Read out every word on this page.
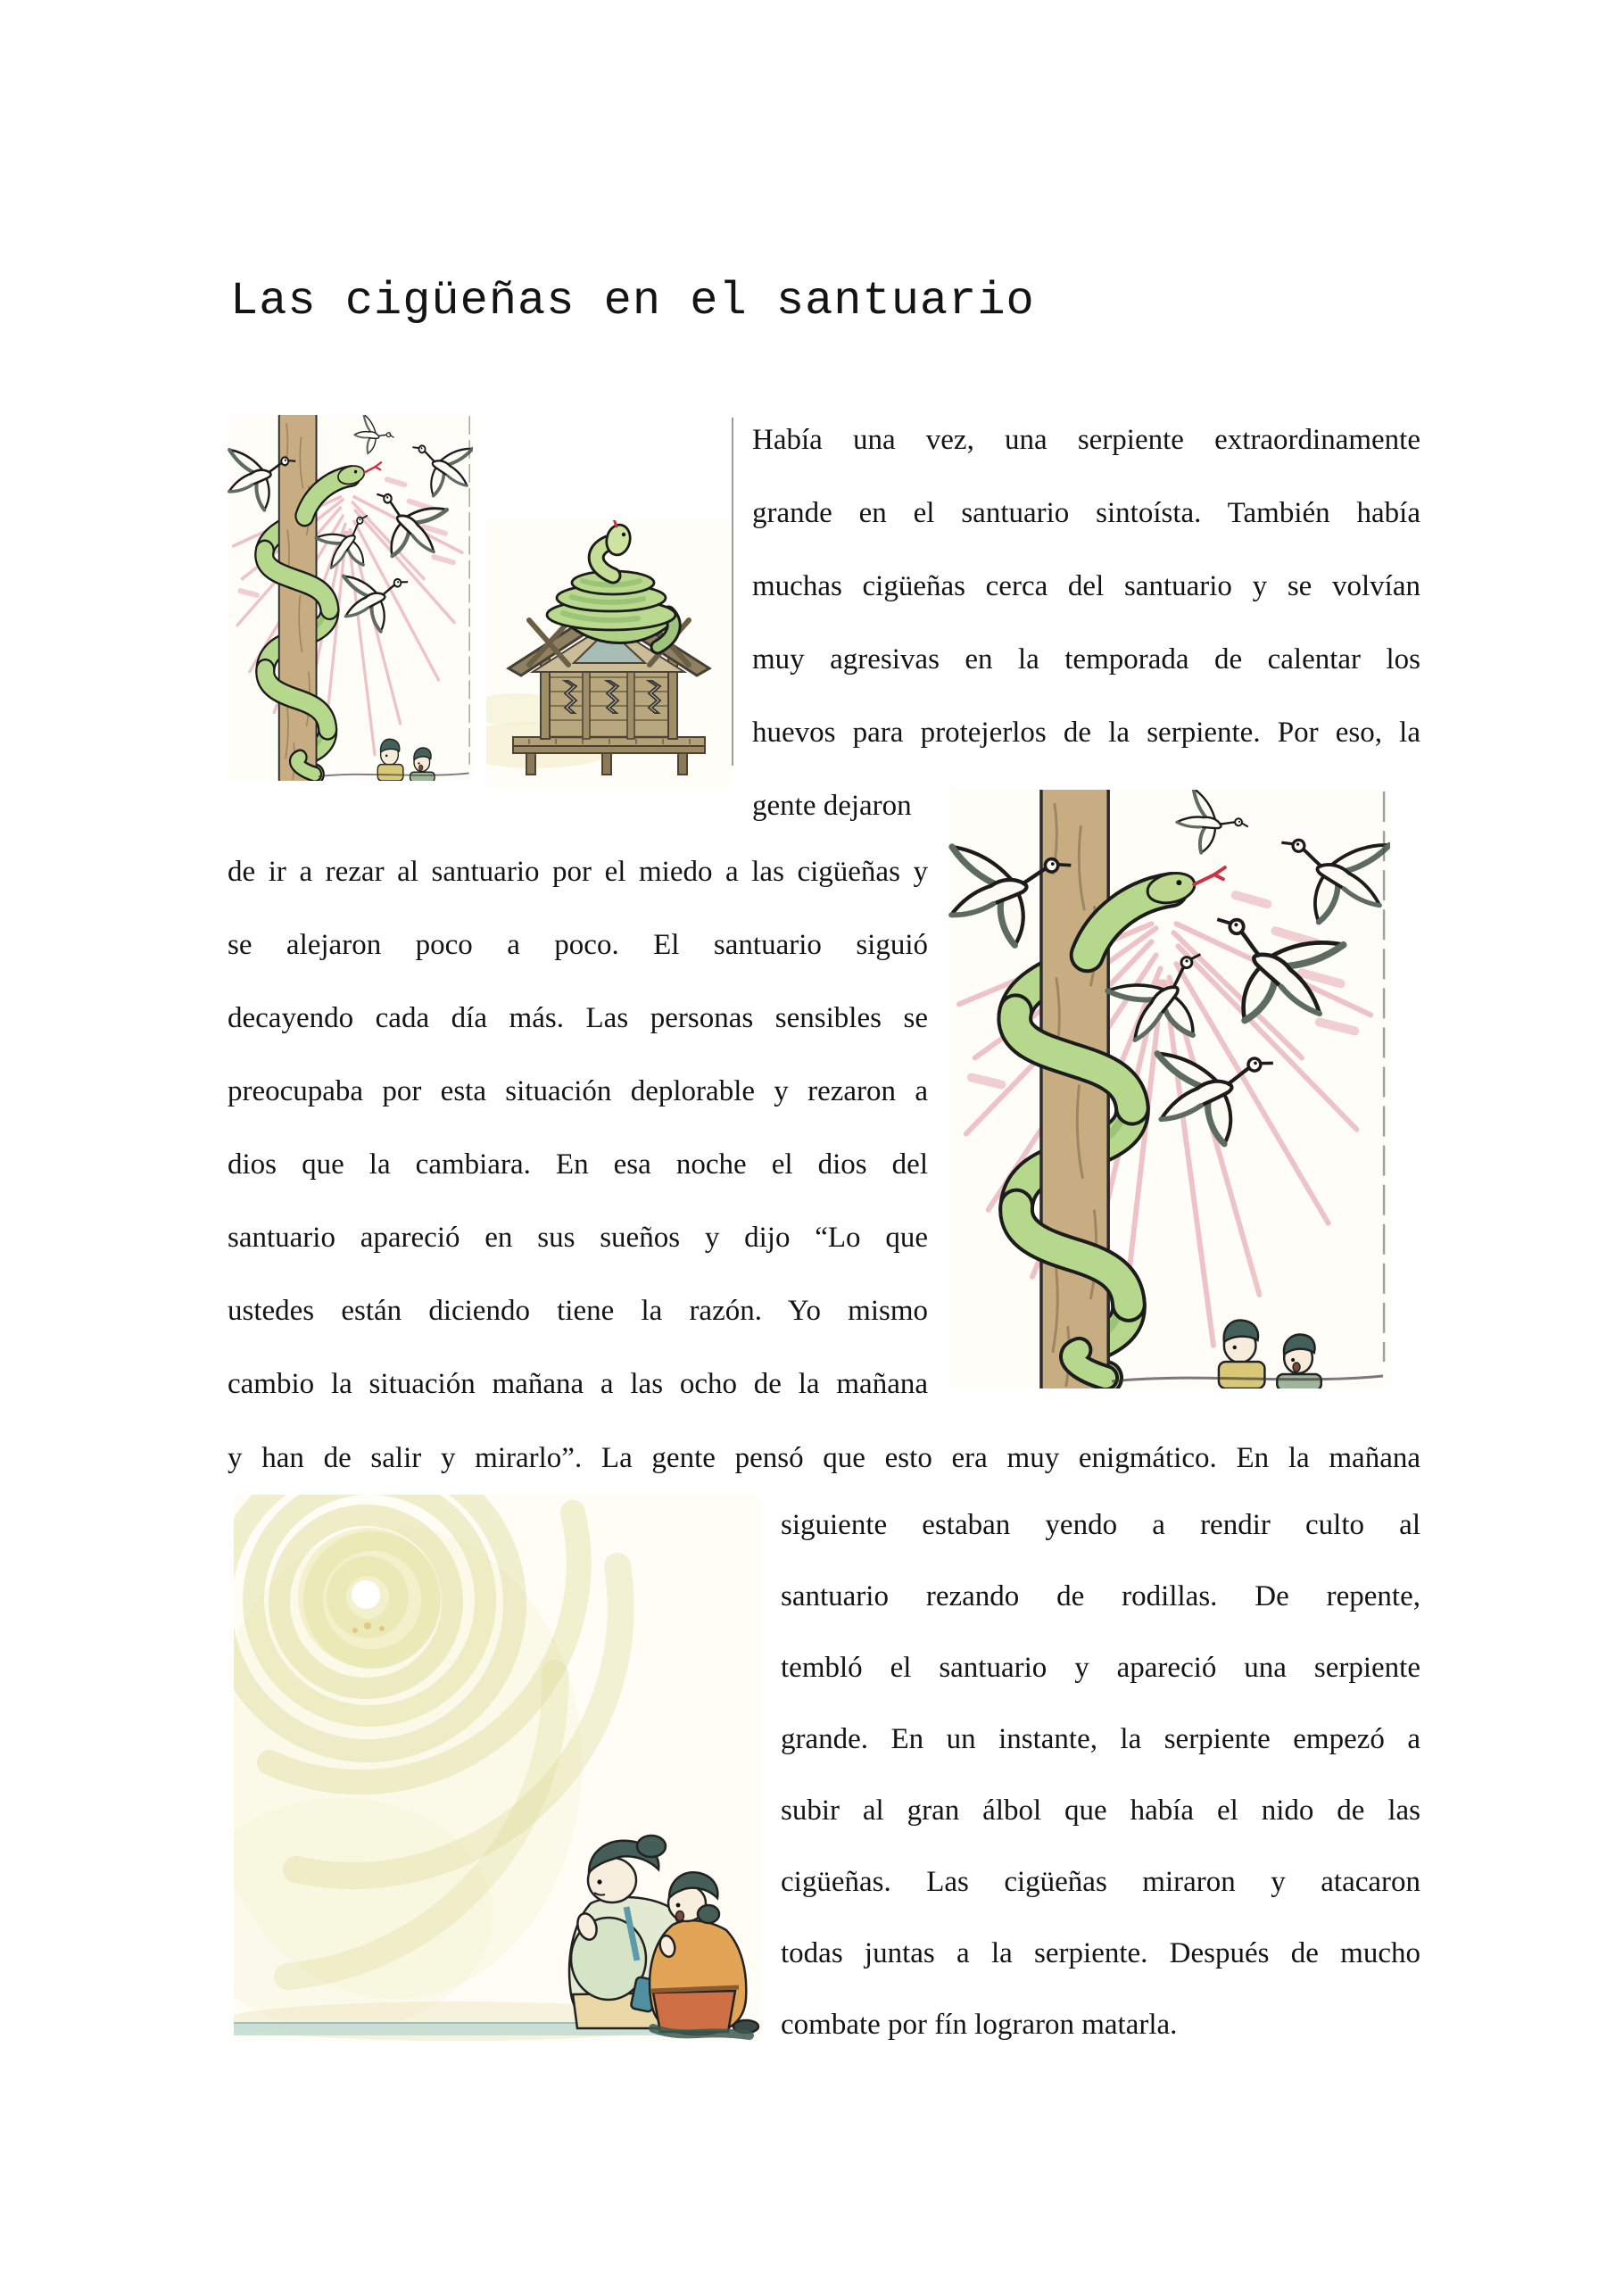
Las cigüeñas en el santuario
Había una vez, una serpiente extraordinamente
grande en el santuario sintoísta. También había
muchas cigüeñas cerca del santuario y se volvían
muy agresivas en la temporada de calentar los
huevos para protejerlos de la serpiente. Por eso, la
gente dejaron
de ir a rezar al santuario por el miedo a las cigüeñas y
se alejaron poco a poco. El santuario siguió
decayendo cada día más. Las personas sensibles se
preocupaba por esta situación deplorable y rezaron a
dios que la cambiara. En esa noche el dios del
santuario apareció en sus sueños y dijo “Lo que
ustedes están diciendo tiene la razón. Yo mismo
cambio la situación mañana a las ocho de la mañana
y han de salir y mirarlo”. La gente pensó que esto era muy enigmático. En la mañana
siguiente estaban yendo a rendir culto al
santuario rezando de rodillas. De repente,
tembló el santuario y apareció una serpiente
grande. En un instante, la serpiente empezó a
subir al gran álbol que había el nido de las
cigüeñas. Las cigüeñas miraron y atacaron
todas juntas a la serpiente. Después de mucho
combate por fín lograron matarla.
